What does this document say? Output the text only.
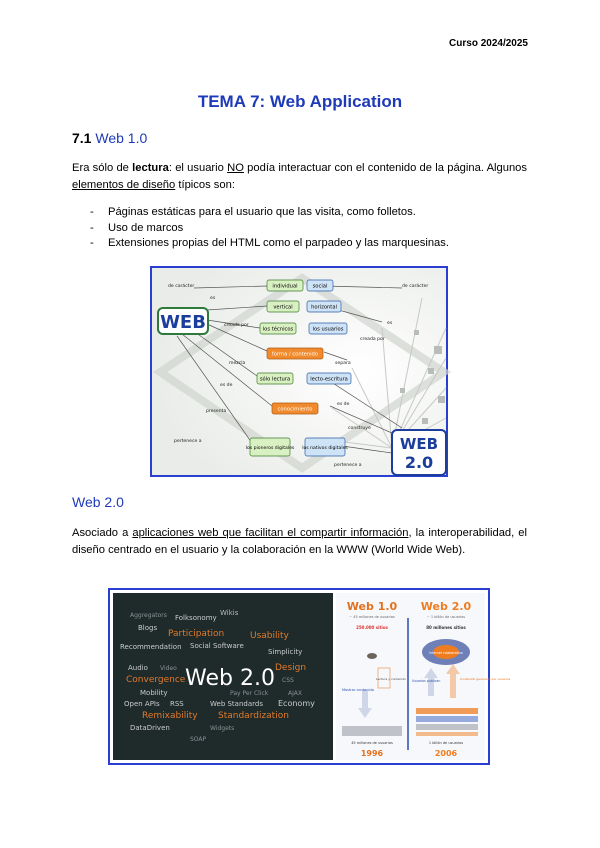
Curso 2024/2025
TEMA 7: Web Application
7.1 Web 1.0
Era sólo de lectura: el usuario NO podía interactuar con el contenido de la página. Algunos elementos de diseño típicos son:
- Páginas estáticas para el usuario que las visita, como folletos.
- Uso de marcos
- Extensiones propias del HTML como el parpadeo y las marquesinas.
WEB
WEB
2.0
individual	social
vertical	horizontal
los técnicos	los usuarios
forma / contenido
sólo lectura	lecto-escritura
conocimiento
los pioneros digitales los nativos digitales
de carácter	de carácter
es
es
creada por
creada por
mezcla	separa
es de
es de
presenta
construye
pertenece a
pertenece a
Web 2.0
Asociado a aplicaciones web que facilitan el compartir información, la interoperabilidad, el diseño centrado en el usuario y la colaboración en la WWW (World Wide Web).
Aggregators Folksonomy
Wikis
Blogs
Participation	Usability
Recommendation Social Software
Simplicity
Audio Video	Design
Convergence	CSS
Mobility	Pay Per Click	AJAX
Open APIs RSS	Web Standards Economy
Remixability Standardization
DataDriven	Widgets
SOAP
Web 2.0
Web 1.0
~ 45 millones de usuarios
250.000 sitios
Mostrar contenido
Lectura y contenido
45 millones de usuarios
1996
Web 2.0
~ 1 billón de usuarios
80 millones sitios
Internet colaborativo
Usuarios publican	Contenido generado por usuarios
1 billón de usuarios
2006
